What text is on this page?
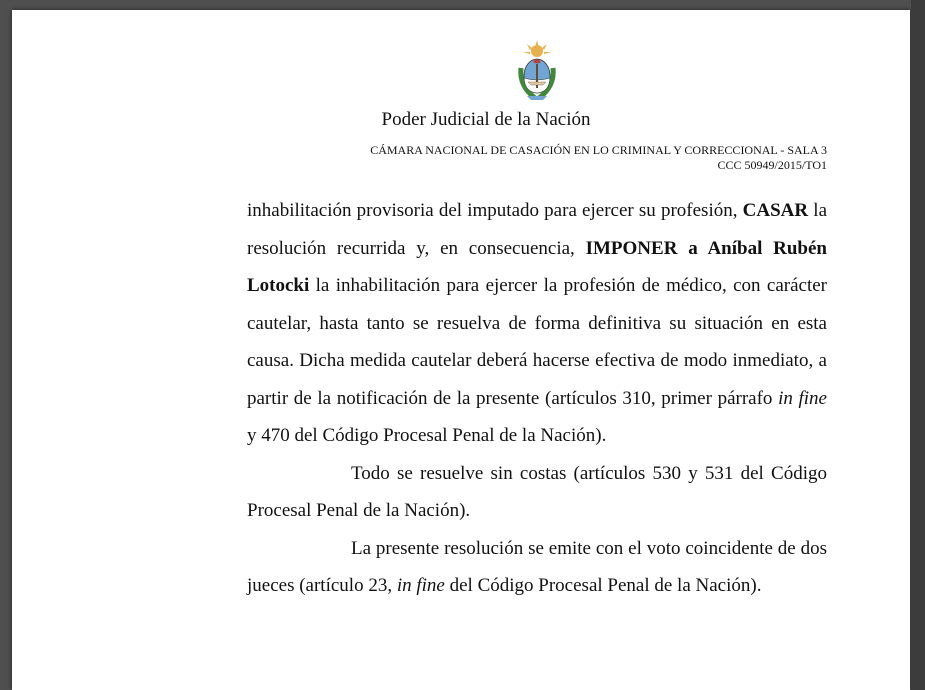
Poder Judicial de la Nación
CÁMARA NACIONAL DE CASACIÓN EN LO CRIMINAL Y CORRECCIONAL - SALA 3
CCC 50949/2015/TO1

inhabilitación provisoria del imputado para ejercer su profesión, CASAR la resolución recurrida y, en consecuencia, IMPONER a Aníbal Rubén Lotocki la inhabilitación para ejercer la profesión de médico, con carácter cautelar, hasta tanto se resuelva de forma definitiva su situación en esta causa. Dicha medida cautelar deberá hacerse efectiva de modo inmediato, a partir de la notificación de la presente (artículos 310, primer párrafo in fine y 470 del Código Procesal Penal de la Nación).

Todo se resuelve sin costas (artículos 530 y 531 del Código Procesal Penal de la Nación).

La presente resolución se emite con el voto coincidente de dos jueces (artículo 23, in fine del Código Procesal Penal de la Nación).
